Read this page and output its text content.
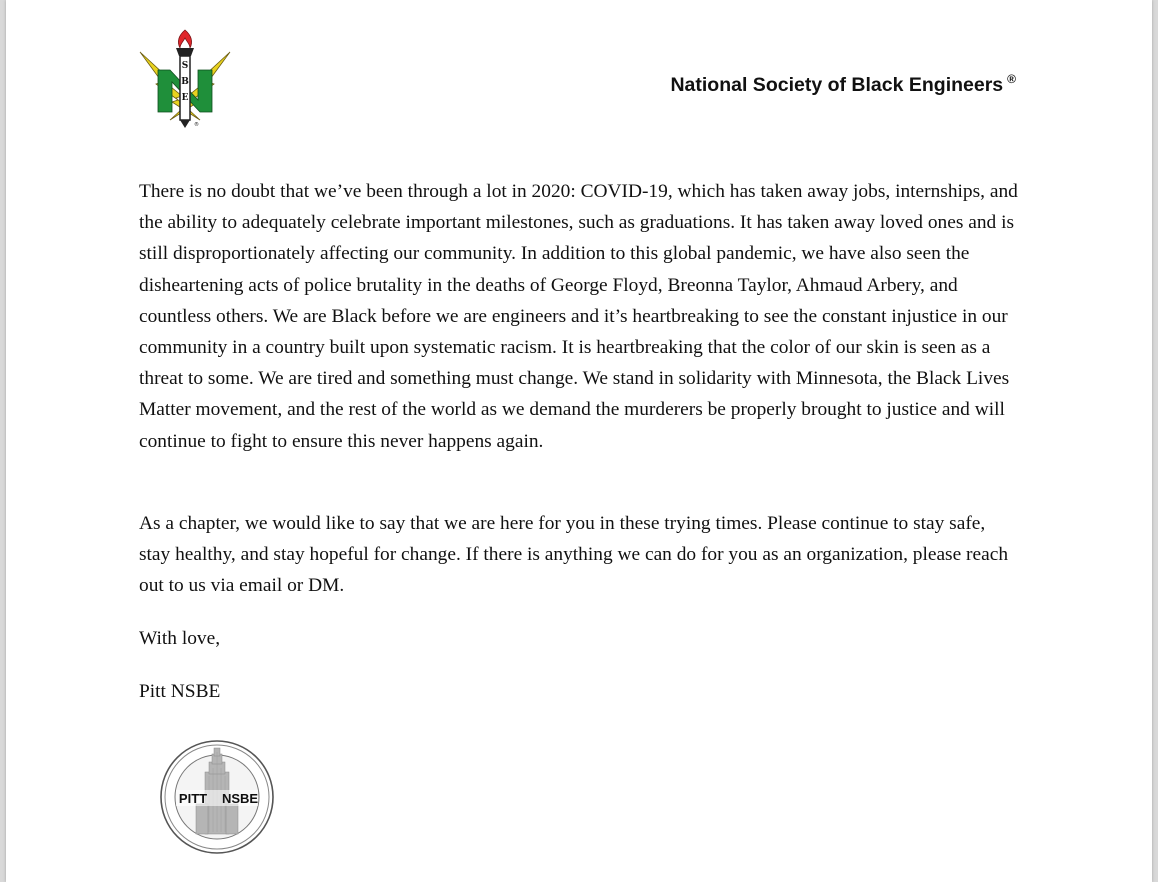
S
B
E
®
National Society of Black Engineers ®

There is no doubt that we’ve been through a lot in 2020: COVID-19, which has taken away jobs, internships, and the ability to adequately celebrate important milestones, such as graduations. It has taken away loved ones and is still disproportionately affecting our community. In addition to this global pandemic, we have also seen the disheartening acts of police brutality in the deaths of George Floyd, Breonna Taylor, Ahmaud Arbery, and countless others. We are Black before we are engineers and it’s heartbreaking to see the constant injustice in our community in a country built upon systematic racism. It is heartbreaking that the color of our skin is seen as a threat to some. We are tired and something must change. We stand in solidarity with Minnesota, the Black Lives Matter movement, and the rest of the world as we demand the murderers be properly brought to justice and will continue to fight to ensure this never happens again.

As a chapter, we would like to say that we are here for you in these trying times. Please continue to stay safe, stay healthy, and stay hopeful for change. If there is anything we can do for you as an organization, please reach out to us via email or DM.

With love,

Pitt NSBE

PITT NSBE
